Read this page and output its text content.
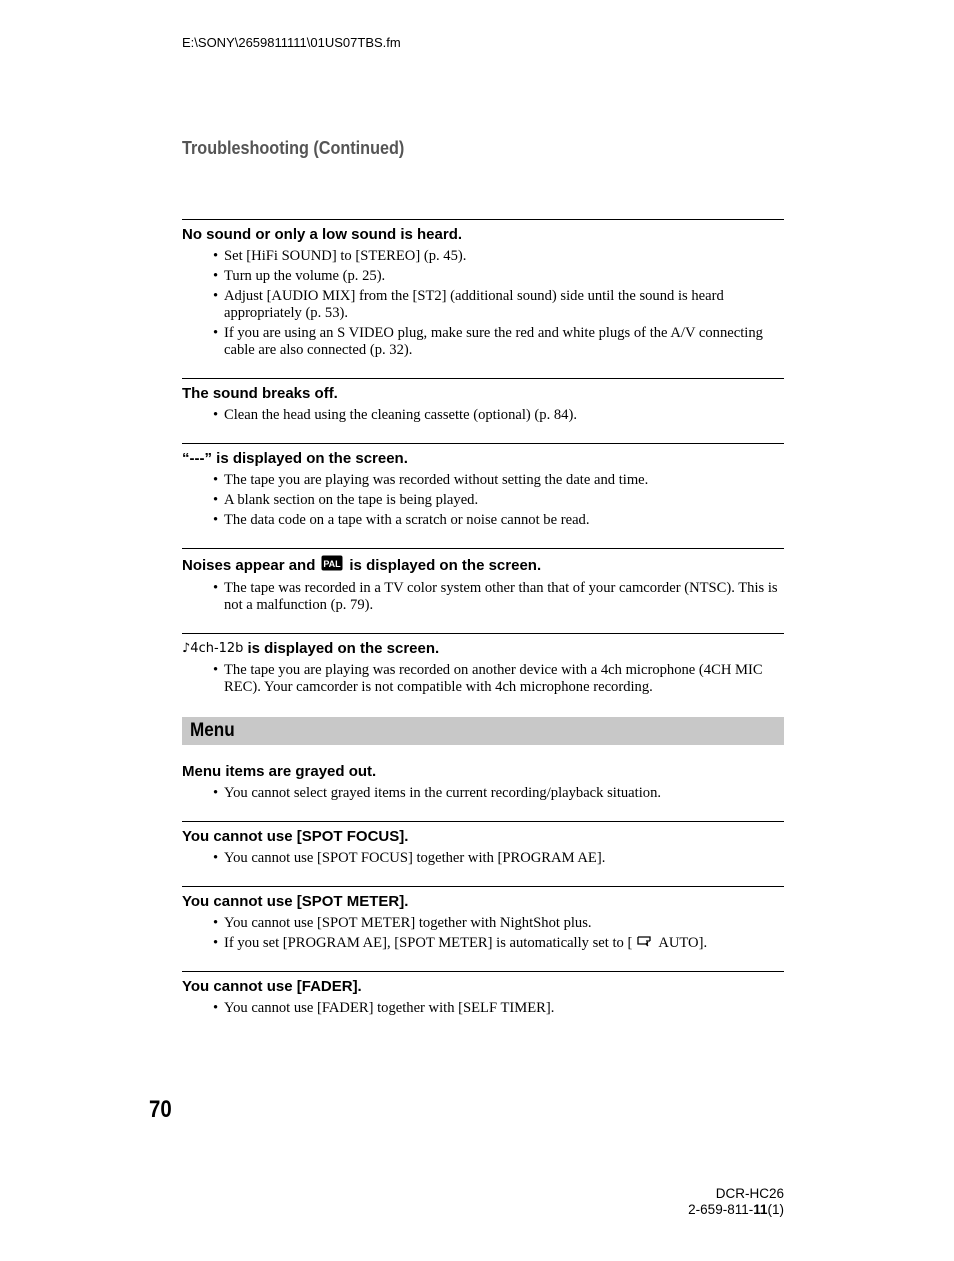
E:\SONY\2659811111\01US07TBS.fm
Troubleshooting (Continued)
No sound or only a low sound is heard.
• Set [HiFi SOUND] to [STEREO] (p. 45).
• Turn up the volume (p. 25).
• Adjust [AUDIO MIX] from the [ST2] (additional sound) side until the sound is heard appropriately (p. 53).
• If you are using an S VIDEO plug, make sure the red and white plugs of the A/V connecting cable are also connected (p. 32).
The sound breaks off.
• Clean the head using the cleaning cassette (optional) (p. 84).
“---” is displayed on the screen.
• The tape you are playing was recorded without setting the date and time.
• A blank section on the tape is being played.
• The data code on a tape with a scratch or noise cannot be read.
Noises appear and PAL is displayed on the screen.
• The tape was recorded in a TV color system other than that of your camcorder (NTSC). This is not a malfunction (p. 79).
♪4ch-12b is displayed on the screen.
• The tape you are playing was recorded on another device with a 4ch microphone (4CH MIC REC). Your camcorder is not compatible with 4ch microphone recording.
Menu
Menu items are grayed out.
• You cannot select grayed items in the current recording/playback situation.
You cannot use [SPOT FOCUS].
• You cannot use [SPOT FOCUS] together with [PROGRAM AE].
You cannot use [SPOT METER].
• You cannot use [SPOT METER] together with NightShot plus.
• If you set [PROGRAM AE], [SPOT METER] is automatically set to [ AUTO].
You cannot use [FADER].
• You cannot use [FADER] together with [SELF TIMER].
70
DCR-HC26
2-659-811-11(1)
